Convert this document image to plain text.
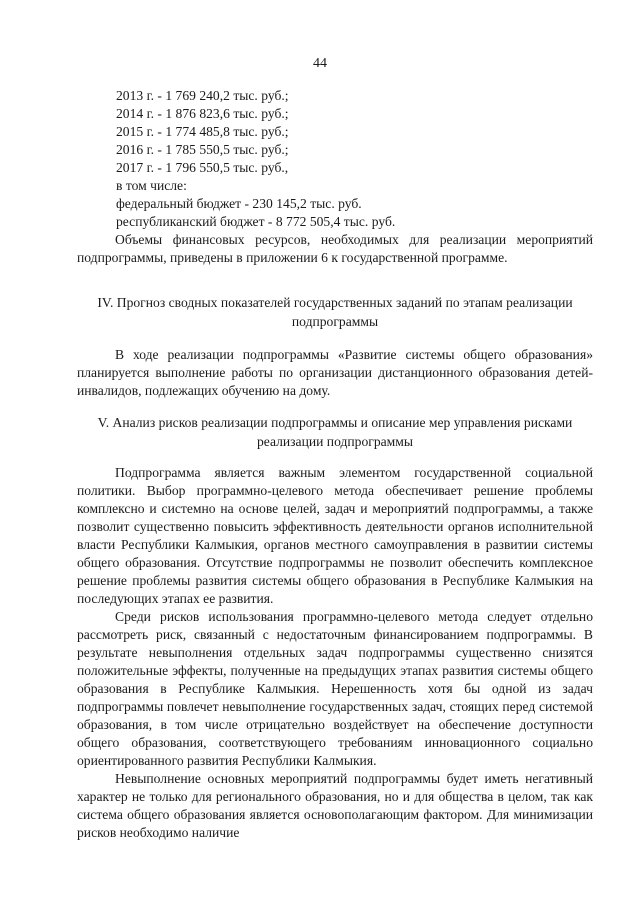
44
2013 г. - 1 769 240,2 тыс. руб.;
2014 г. - 1 876 823,6 тыс. руб.;
2015 г. - 1 774 485,8 тыс. руб.;
2016 г. - 1 785 550,5 тыс. руб.;
2017 г. - 1 796 550,5 тыс. руб.,
в том числе:
федеральный бюджет - 230 145,2 тыс. руб.
республиканский бюджет - 8 772 505,4 тыс. руб.
Объемы финансовых ресурсов, необходимых для реализации мероприятий подпрограммы, приведены в приложении 6 к государственной программе.
IV. Прогноз сводных показателей государственных заданий по этапам реализации подпрограммы
В ходе реализации подпрограммы «Развитие системы общего образования» планируется выполнение работы по организации дистанционного образования детей-инвалидов, подлежащих обучению на дому.
V. Анализ рисков реализации подпрограммы и описание мер управления рисками реализации подпрограммы
Подпрограмма является важным элементом государственной социальной политики. Выбор программно-целевого метода обеспечивает решение проблемы комплексно и системно на основе целей, задач и мероприятий подпрограммы, а также позволит существенно повысить эффективность деятельности органов исполнительной власти Республики Калмыкия, органов местного самоуправления в развитии системы общего образования. Отсутствие подпрограммы не позволит обеспечить комплексное решение проблемы развития системы общего образования в Республике Калмыкия на последующих этапах ее развития.
Среди рисков использования программно-целевого метода следует отдельно рассмотреть риск, связанный с недостаточным финансированием подпрограммы. В результате невыполнения отдельных задач подпрограммы существенно снизятся положительные эффекты, полученные на предыдущих этапах развития системы общего образования в Республике Калмыкия. Нерешенность хотя бы одной из задач подпрограммы повлечет невыполнение государственных задач, стоящих перед системой образования, в том числе отрицательно воздействует на обеспечение доступности общего образования, соответствующего требованиям инновационного социально ориентированного развития Республики Калмыкия.
Невыполнение основных мероприятий подпрограммы будет иметь негативный характер не только для регионального образования, но и для общества в целом, так как система общего образования является основополагающим фактором. Для минимизации рисков необходимо наличие
